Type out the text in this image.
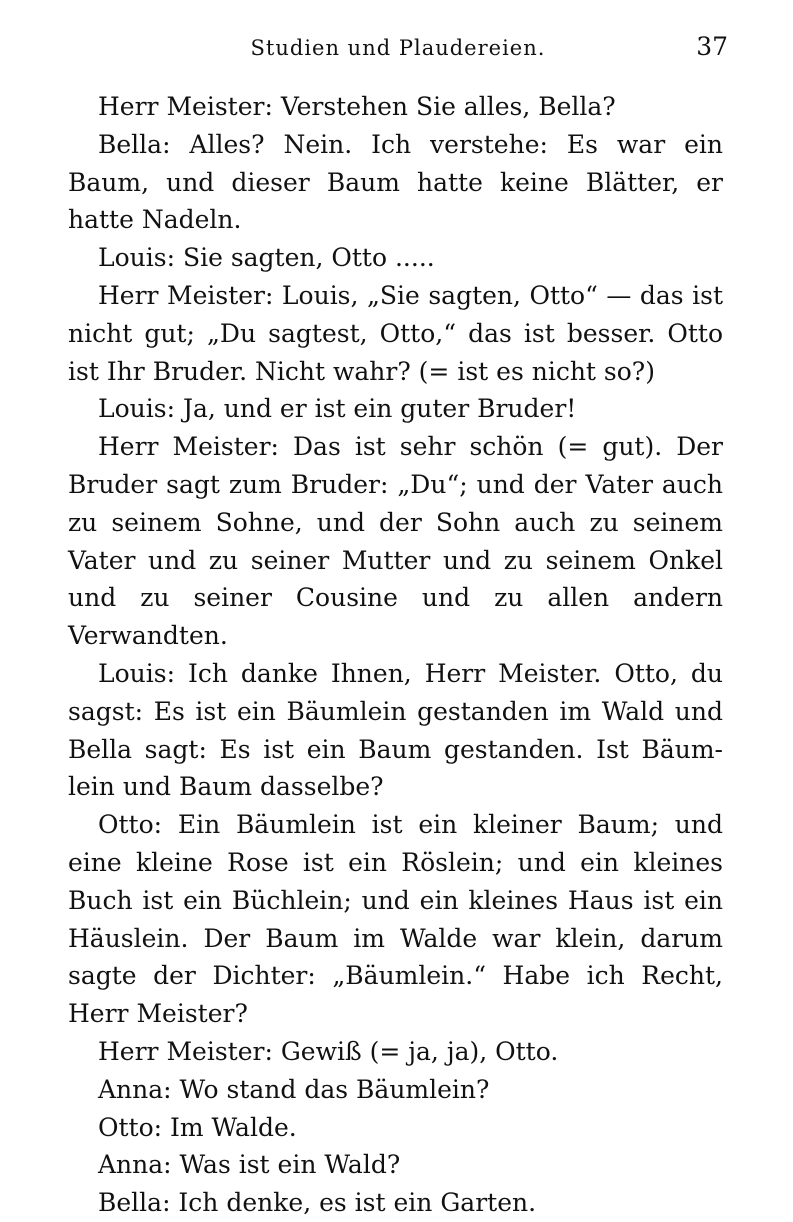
Studien und Plaudereien.	37

Herr Meister: Verstehen Sie alles, Bella?

Bella: Alles? Nein. Ich verstehe: Es war ein Baum, und dieser Baum hatte keine Blätter, er hatte Nadeln.

Louis: Sie sagten, Otto .....

Herr Meister: Louis, „Sie sagten, Otto“ — das ist nicht gut; „Du sagtest, Otto,“ das ist besser. Otto ist Ihr Bruder. Nicht wahr? (= ist es nicht so?)

Louis: Ja, und er ist ein guter Bruder!

Herr Meister: Das ist sehr schön (= gut). Der Bruder sagt zum Bruder: „Du“; und der Vater auch zu seinem Sohne, und der Sohn auch zu seinem Vater und zu seiner Mutter und zu seinem Onkel und zu seiner Cousine und zu allen andern Verwandten.

Louis: Ich danke Ihnen, Herr Meister. Otto, du sagst: Es ist ein Bäumlein gestanden im Wald und Bella sagt: Es ist ein Baum gestanden. Ist Bäum-lein und Baum dasselbe?

Otto: Ein Bäumlein ist ein kleiner Baum; und eine kleine Rose ist ein Röslein; und ein kleines Buch ist ein Büchlein; und ein kleines Haus ist ein Häuslein. Der Baum im Walde war klein, darum sagte der Dichter: „Bäumlein.“ Habe ich Recht, Herr Meister?

Herr Meister: Gewiß (= ja, ja), Otto.

Anna: Wo stand das Bäumlein?

Otto: Im Walde.

Anna: Was ist ein Wald?

Bella: Ich denke, es ist ein Garten.
